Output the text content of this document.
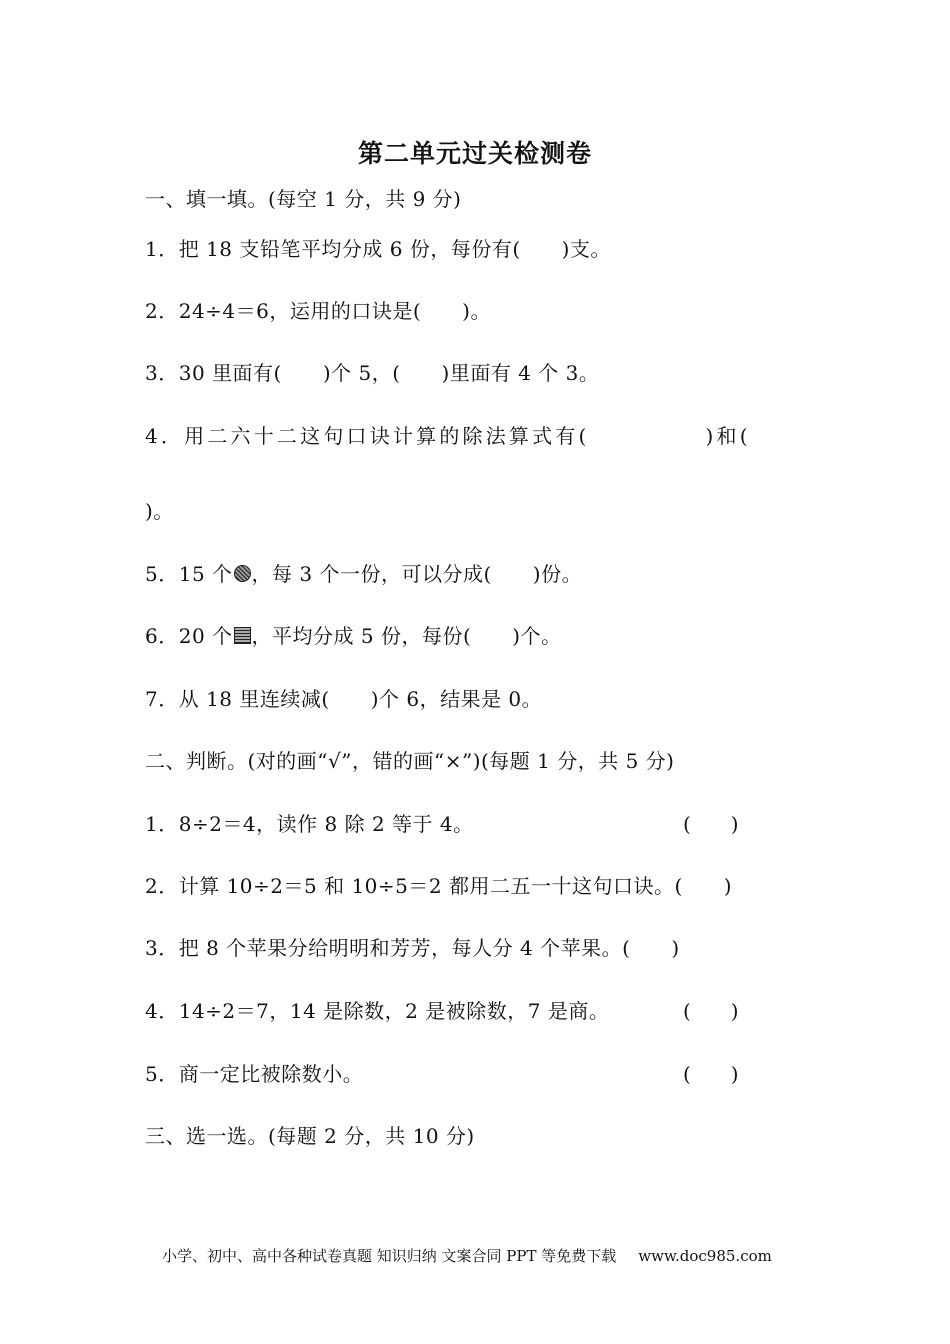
第二单元过关检测卷
一、填一填。(每空 1 分，共 9 分)
1．把 18 支铅笔平均分成 6 份，每份有(　　)支。
2．24÷4＝6，运用的口诀是(　　)。
3．30 里面有(　　)个 5，(　　)里面有 4 个 3。
4．用二六十二这句口诀计算的除法算式有(　　　　　)和(
)。
5．15 个 ，每 3 个一份，可以分成(　　)份。
6．20 个 ，平均分成 5 份，每份(　　)个。
7．从 18 里连续减(　　)个 6，结果是 0。
二、判断。(对的画“√”，错的画“×”)(每题 1 分，共 5 分)
1．8÷2＝4，读作 8 除 2 等于 4。	(　　)
2．计算 10÷2＝5 和 10÷5＝2 都用二五一十这句口诀。(　　)
3．把 8 个苹果分给明明和芳芳，每人分 4 个苹果。(　　)
4．14÷2＝7，14 是除数，2 是被除数，7 是商。	(　　)
5．商一定比被除数小。	(　　)
三、选一选。(每题 2 分，共 10 分)
小学、初中、高中各种试卷真题 知识归纳 文案合同 PPT 等免费下载 www.doc985.com
